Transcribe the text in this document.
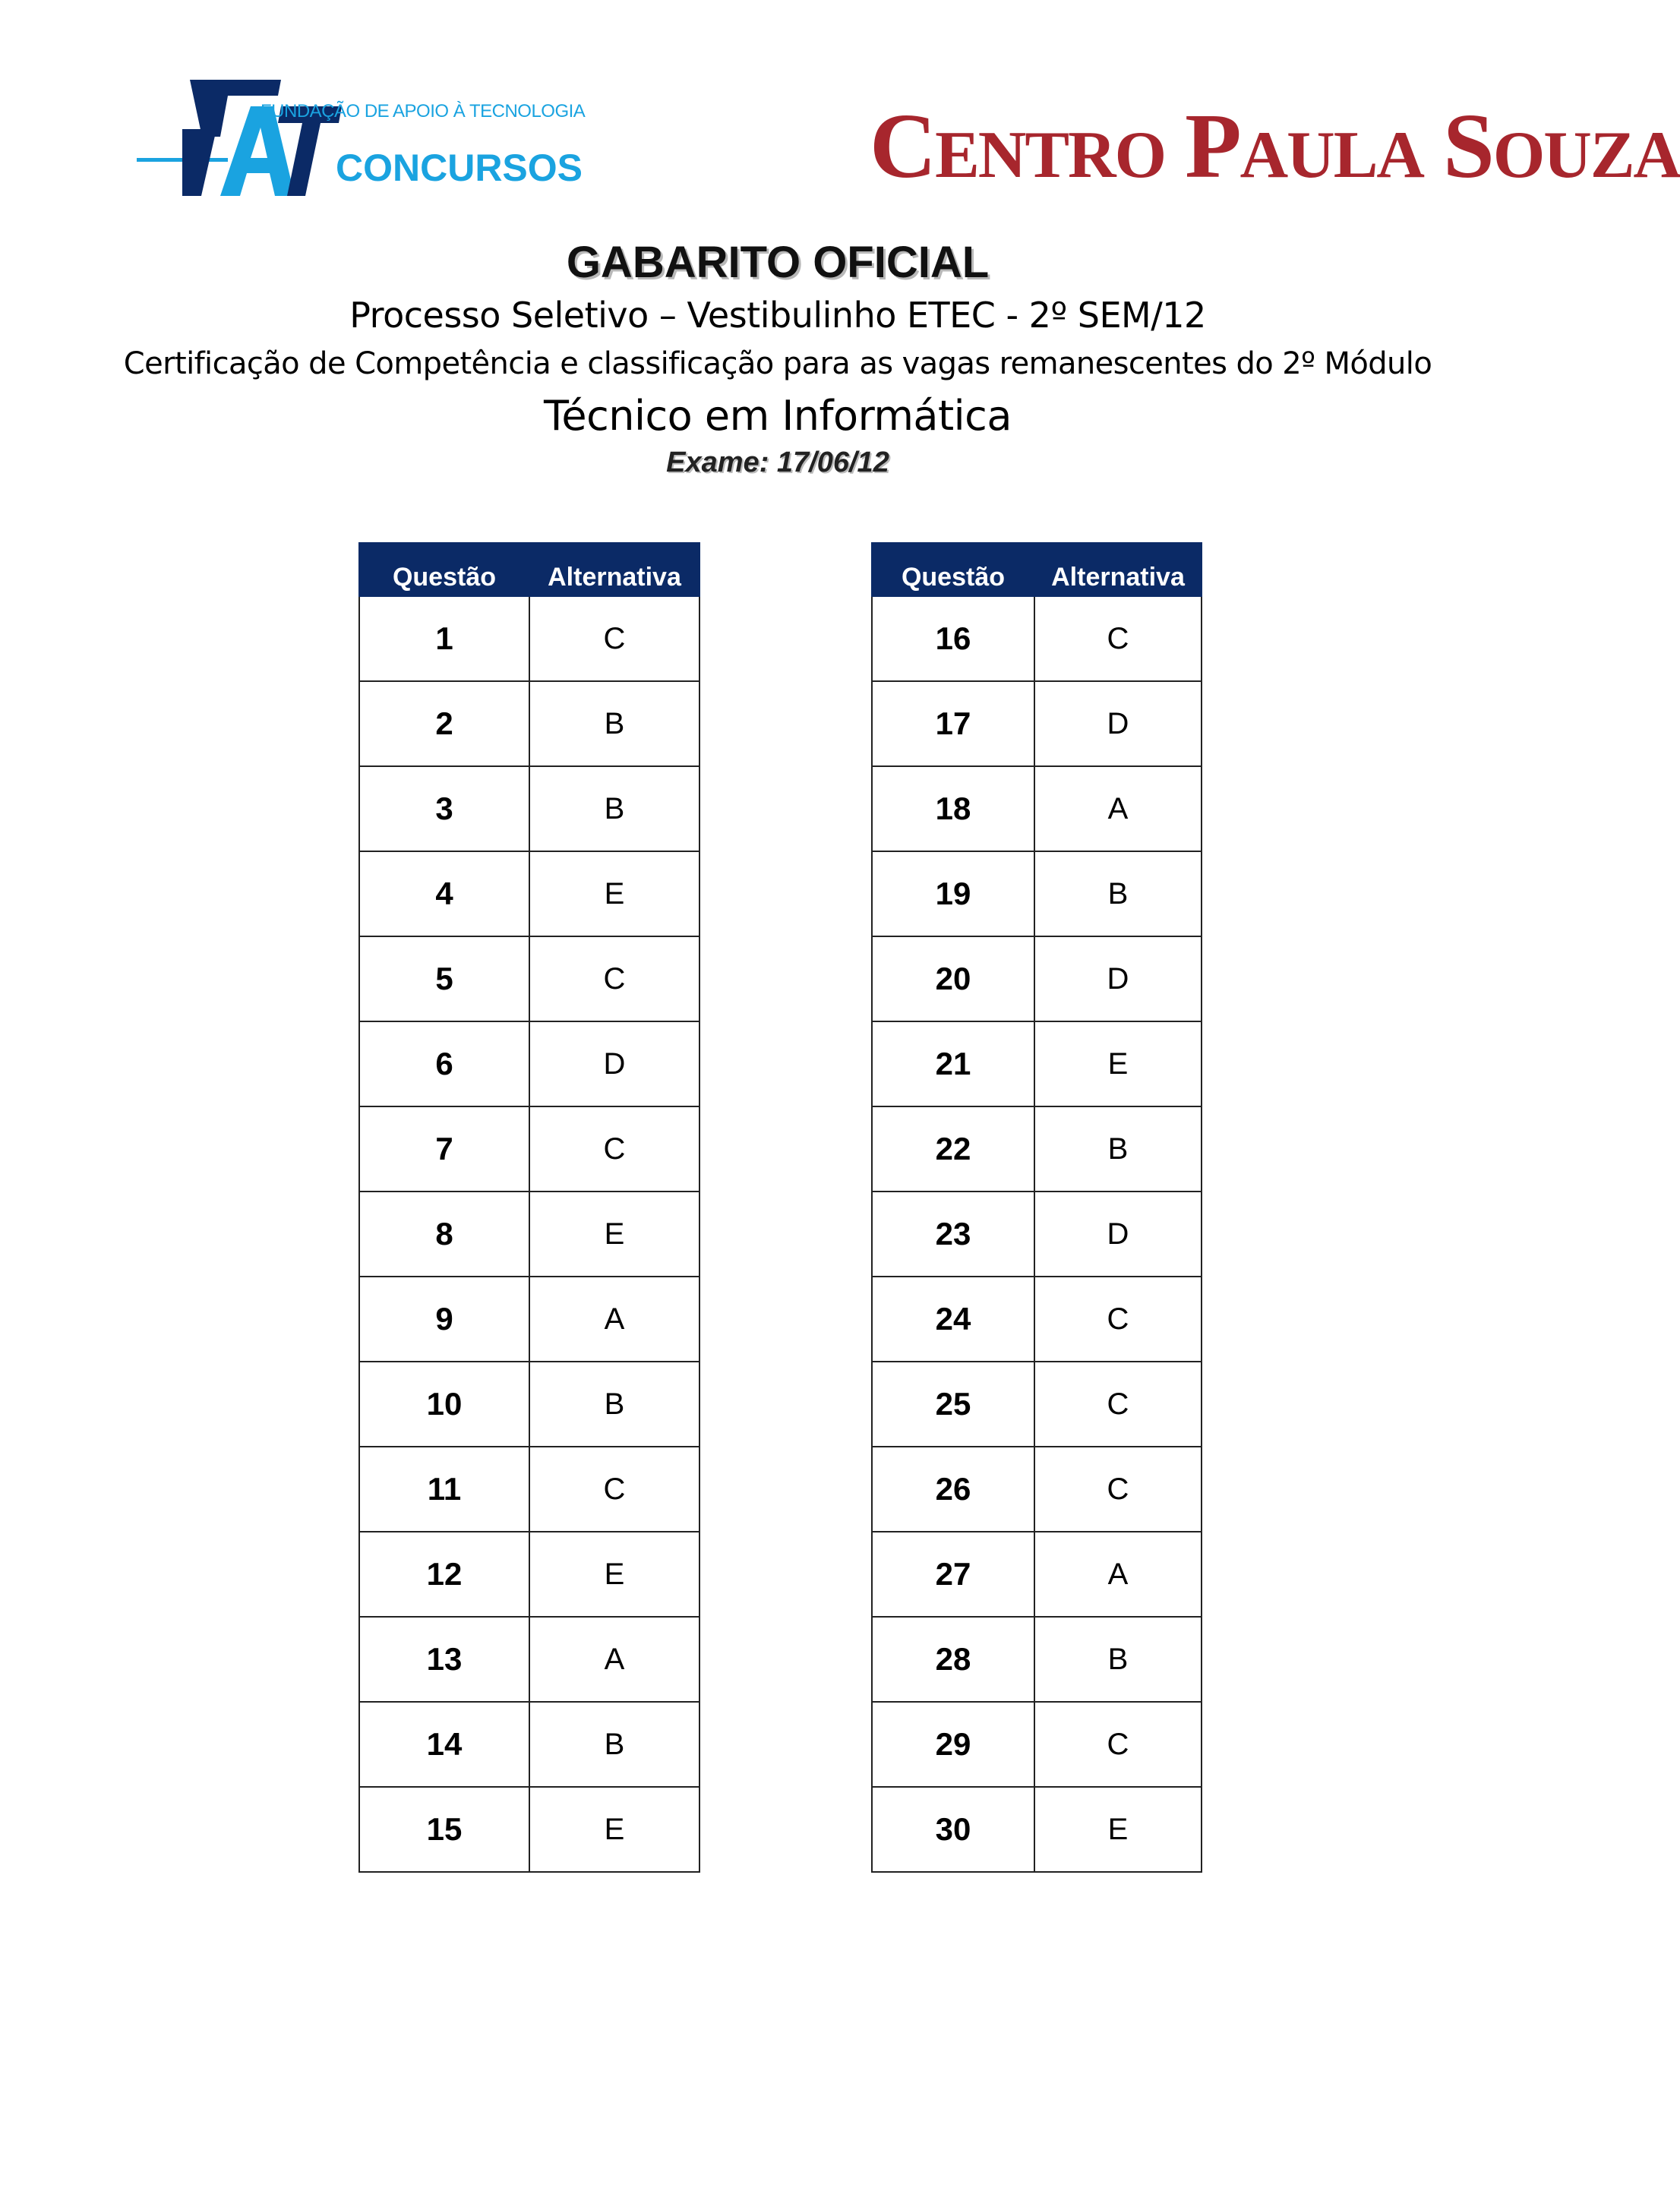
FUNDAÇÃO DE APOIO À TECNOLOGIA
CONCURSOS	CENTRO PAULA SOUZA
GABARITO OFICIAL
Processo Seletivo – Vestibulinho ETEC - 2º SEM/12
Certificação de Competência e classificação para as vagas remanescentes do 2º Módulo
Técnico em Informática
Exame: 17/06/12
Questão	Alternativa
1	C
2	B
3	B
4	E
5	C
6	D
7	C
8	E
9	A
10	B
11	C
12	E
13	A
14	B
15	E
Questão	Alternativa
16	C
17	D
18	A
19	B
20	D
21	E
22	B
23	D
24	C
25	C
26	C
27	A
28	B
29	C
30	E
